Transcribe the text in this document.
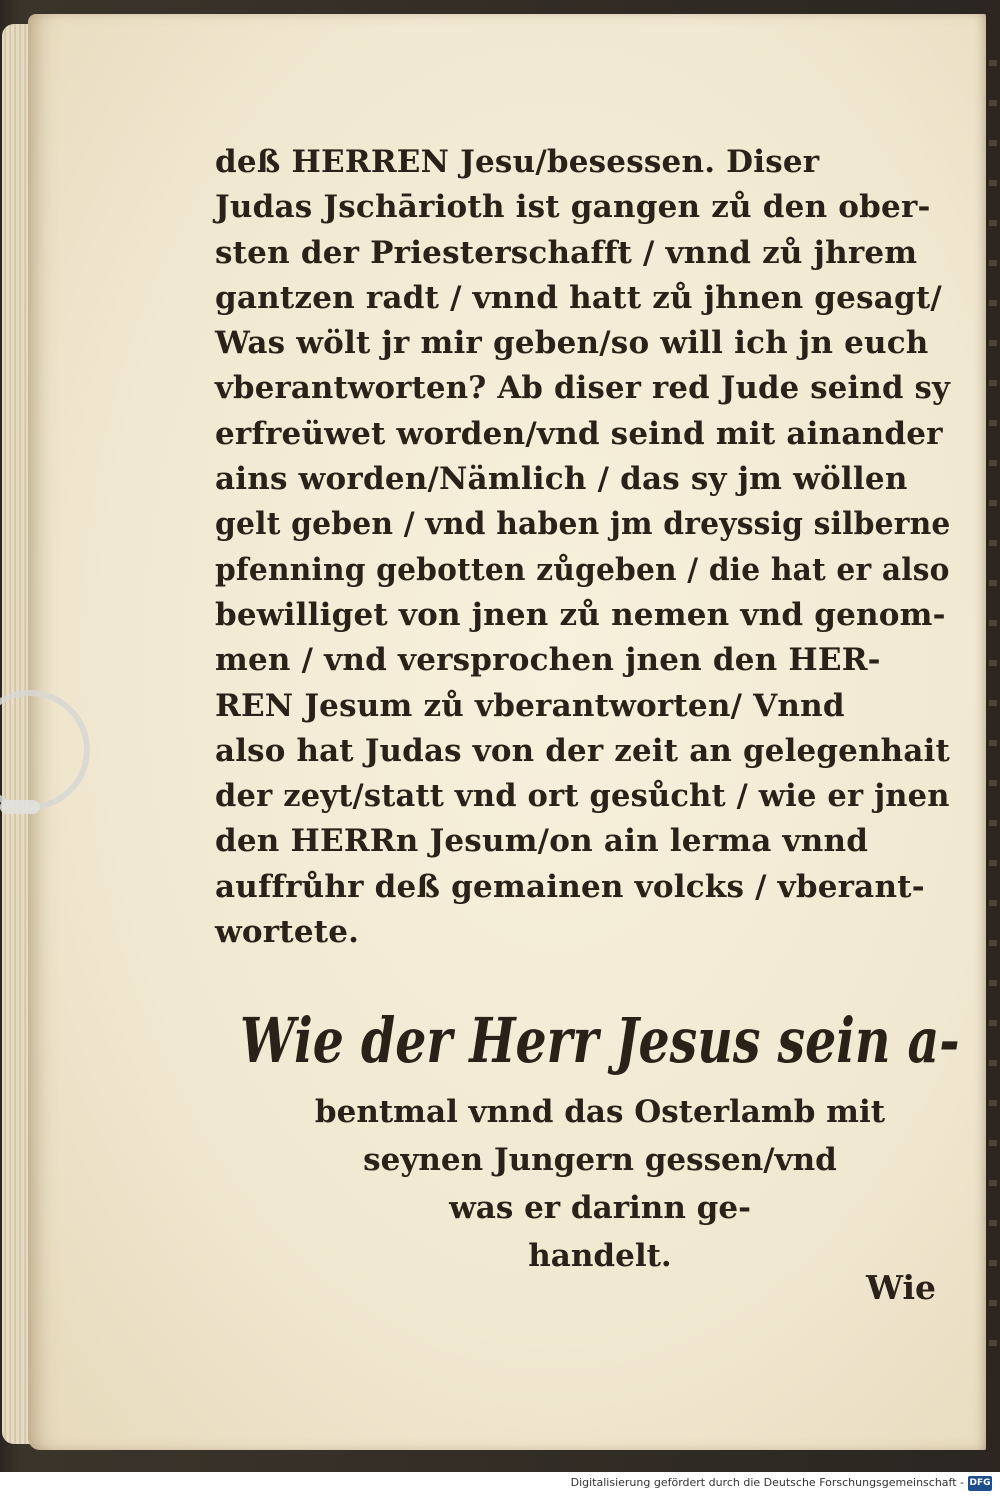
deß HERREN Jesu/besessen. Diser
Judas Jschārioth ist gangen zů den ober-
sten der Priesterschafft / vnnd zů jhrem
gantzen radt / vnnd hatt zů jhnen gesagt/
Was wölt jr mir geben/so will ich jn euch
vberantworten? Ab diser red Jude seind sy
erfreüwet worden/vnd seind mit ainander
ains worden/Nämlich / das sy jm wöllen
gelt geben / vnd haben jm dreyssig silberne
pfenning gebotten zůgeben / die hat er also
bewilliget von jnen zů nemen vnd genom-
men / vnd versprochen jnen den HER-
REN Jesum zů vberantworten/ Vnnd
also hat Judas von der zeit an gelegenhait
der zeyt/statt vnd ort gesůcht / wie er jnen
den HERRn Jesum/on ain lerma vnnd
auffrůhr deß gemainen volcks / vberant-
wortete.
Wie der Herr Jesus sein a-
bentmal vnnd das Osterlamb mit
seynen Jungern gessen/vnd
was er darinn ge-
handelt.
Wie
Digitalisierung gefördert durch die Deutsche Forschungsgemeinschaft - DFG
